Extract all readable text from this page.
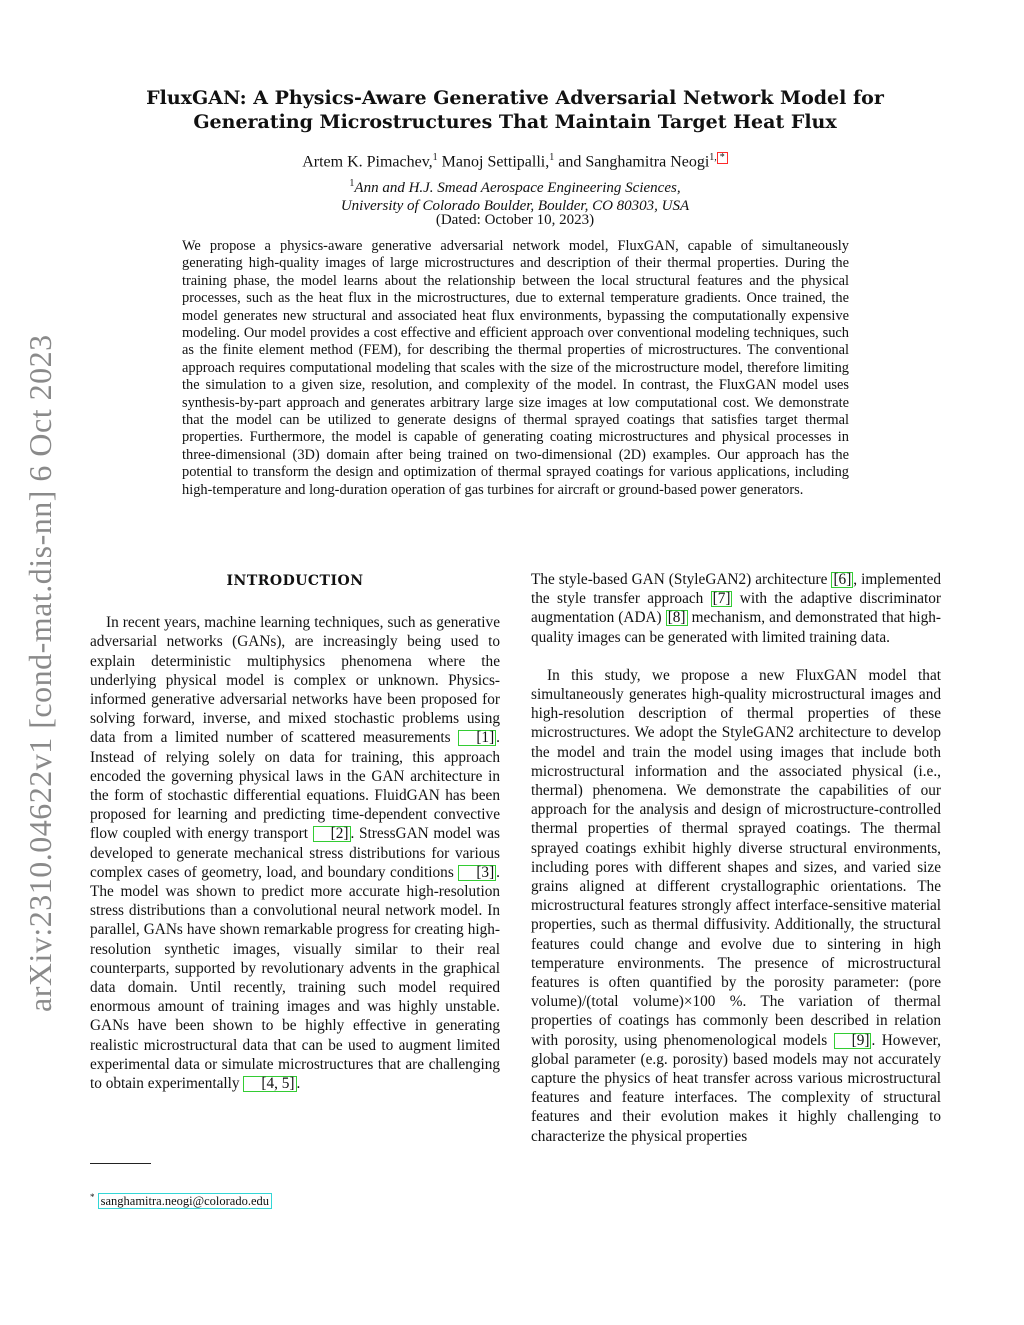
arXiv:2310.04622v1 [cond-mat.dis-nn] 6 Oct 2023
FluxGAN: A Physics-Aware Generative Adversarial Network Model for Generating Microstructures That Maintain Target Heat Flux
Artem K. Pimachev,$^1$ Manoj Settipalli,$^1$ and Sanghamitra Neogi$^{1, *}$
$^1$Ann and H.J. Smead Aerospace Engineering Sciences,
University of Colorado Boulder, Boulder, CO 80303, USA
(Dated: October 10, 2023)
We propose a physics-aware generative adversarial network model, FluxGAN, capable of simultaneously generating high-quality images of large microstructures and description of their thermal properties. During the training phase, the model learns about the relationship between the local structural features and the physical processes, such as the heat flux in the microstructures, due to external temperature gradients. Once trained, the model generates new structural and associated heat flux environments, bypassing the computationally expensive modeling. Our model provides a cost effective and efficient approach over conventional modeling techniques, such as the finite element method (FEM), for describing the thermal properties of microstructures. The conventional approach requires computational modeling that scales with the size of the microstructure model, therefore limiting the simulation to a given size, resolution, and complexity of the model. In contrast, the FluxGAN model uses synthesis-by-part approach and generates arbitrary large size images at low computational cost. We demonstrate that the model can be utilized to generate designs of thermal sprayed coatings that satisfies target thermal properties. Furthermore, the model is capable of generating coating microstructures and physical processes in three-dimensional (3D) domain after being trained on two-dimensional (2D) examples. Our approach has the potential to transform the design and optimization of thermal sprayed coatings for various applications, including high-temperature and long-duration operation of gas turbines for aircraft or ground-based power generators.
INTRODUCTION

In recent years, machine learning techniques, such as generative adversarial networks (GANs), are increasingly being used to explain deterministic multiphysics phenomena where the underlying physical model is complex or unknown. Physics-informed generative adversarial networks have been proposed for solving forward, inverse, and mixed stochastic problems using data from a limited number of scattered measurements [1] . Instead of relying solely on data for training, this approach encoded the governing physical laws in the GAN architecture in the form of stochastic differential equations. FluidGAN has been proposed for learning and predicting time-dependent convective flow coupled with energy transport [2] . StressGAN model was developed to generate mechanical stress distributions for various complex cases of geometry, load, and boundary conditions [3] . The model was shown to predict more accurate high-resolution stress distributions than a convolutional neural network model. In parallel, GANs have shown remarkable progress for creating high-resolution synthetic images, visually similar to their real counterparts, supported by revolutionary advents in the graphical data domain. Until recently, training such model required enormous amount of training images and was highly unstable. GANs have been shown to be highly effective in generating realistic microstructural data that can be used to augment limited experimental data or simulate microstructures that are challenging to obtain experimentally [4, 5] .

The style-based GAN (StyleGAN2) architecture [6] , implemented the style transfer approach [7] with the adaptive discriminator augmentation (ADA) [8] mechanism, and demonstrated that high-quality images can be generated with limited training data.

In this study, we propose a new FluxGAN model that simultaneously generates high-quality microstructural images and high-resolution description of thermal properties of these microstructures. We adopt the StyleGAN2 architecture to develop the model and train the model using images that include both microstructural information and the associated physical (i.e., thermal) phenomena. We demonstrate the capabilities of our approach for the analysis and design of microstructure-controlled thermal properties of thermal sprayed coatings. The thermal sprayed coatings exhibit highly diverse structural environments, including pores with different shapes and sizes, and varied size grains aligned at different crystallographic orientations. The microstructural features strongly affect interface-sensitive material properties, such as thermal diffusivity. Additionally, the structural features could change and evolve due to sintering in high temperature environments. The presence of microstructural features is often quantified by the porosity parameter: (pore volume)/(total volume)×100 %. The variation of thermal properties of coatings has commonly been described in relation with porosity, using phenomenological models [9] . However, global parameter (e.g. porosity) based models may not accurately capture the physics of heat transfer across various microstructural features and feature interfaces. The complexity of structural features and their evolution makes it highly challenging to characterize the physical properties

* sanghamitra.neogi@colorado.edu
